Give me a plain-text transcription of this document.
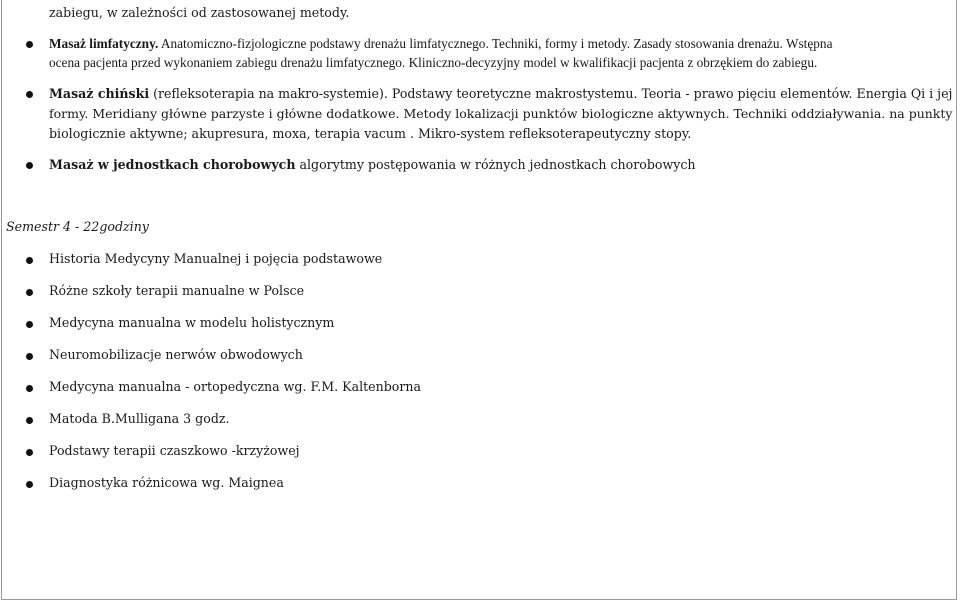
zabiegu, w zależności od zastosowanej metody.
Masaż limfatyczny. Anatomiczno-fizjologiczne podstawy drenażu limfatycznego. Techniki, formy i metody. Zasady stosowania drenażu. Wstępna
ocena pacjenta przed wykonaniem zabiegu drenażu limfatycznego. Kliniczno-decyzyjny model w kwalifikacji pacjenta z obrzękiem do zabiegu.
Masaż chiński (refleksoterapia na makro-systemie). Podstawy teoretyczne makrostystemu. Teoria - prawo pięciu elementów. Energia Qi i jej
formy. Meridiany główne parzyste i główne dodatkowe. Metody lokalizacji punktów biologiczne aktywnych. Techniki oddziaływania. na punkty
biologicznie aktywne; akupresura, moxa, terapia vacum . Mikro-system refleksoterapeutyczny stopy.
Masaż w jednostkach chorobowych algorytmy postępowania w różnych jednostkach chorobowych
Semestr 4 - 22godziny
Historia Medycyny Manualnej i pojęcia podstawowe
Różne szkoły terapii manualne w Polsce
Medycyna manualna w modelu holistycznym
Neuromobilizacje nerwów obwodowych
Medycyna manualna - ortopedyczna wg. F.M. Kaltenborna
Matoda B.Mulligana 3 godz.
Podstawy terapii czaszkowo -krzyżowej
Diagnostyka różnicowa wg. Maignea
